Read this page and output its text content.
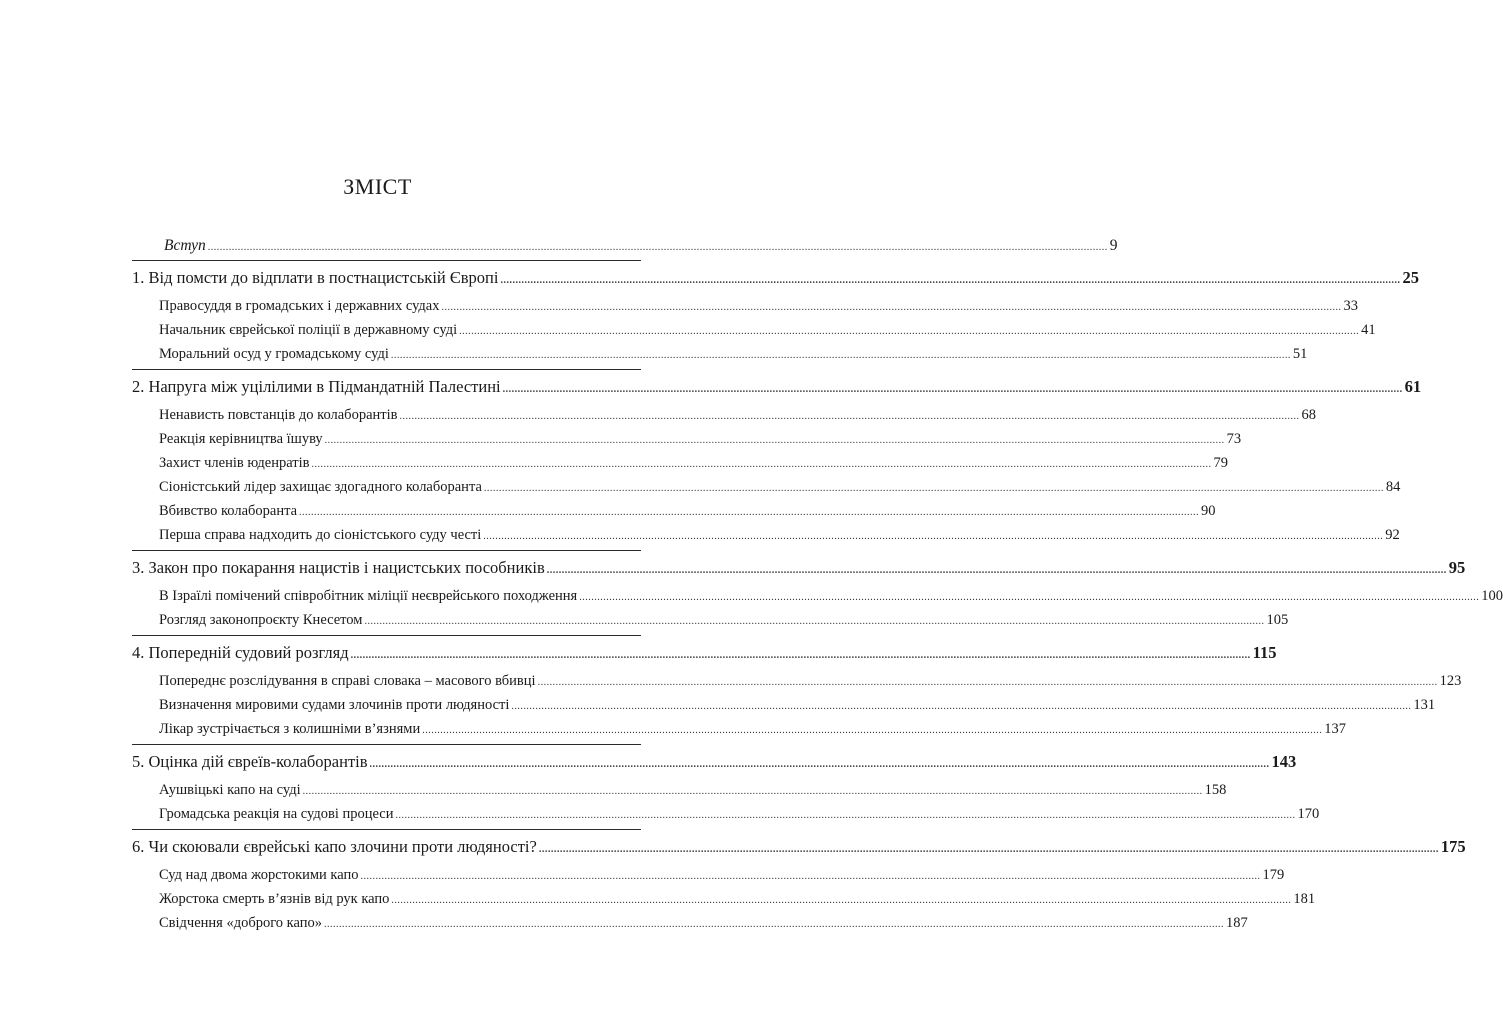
ЗМІСТ
Вступ ............................................................................................................................................................................................................................................................................................................ 9
1. Від помсти до відплати в постнацистській Європі ............................................................................................................................................................................................................................................................................................................ 25
Правосуддя в громадських і державних судах ............................................................................................................................................................................................................................................................................................................ 33
Начальник єврейської поліції в державному суді ............................................................................................................................................................................................................................................................................................................ 41
Моральний осуд у громадському суді ............................................................................................................................................................................................................................................................................................................ 51
2. Напруга між уцілілими в Підмандатній Палестині ............................................................................................................................................................................................................................................................................................................ 61
Ненависть повстанців до колаборантів ............................................................................................................................................................................................................................................................................................................ 68
Реакція керівництва їшуву ............................................................................................................................................................................................................................................................................................................ 73
Захист членів юденратів ............................................................................................................................................................................................................................................................................................................ 79
Сіоністський лідер захищає здогадного колаборанта ............................................................................................................................................................................................................................................................................................................ 84
Вбивство колаборанта ............................................................................................................................................................................................................................................................................................................ 90
Перша справа надходить до сіоністського суду честі ............................................................................................................................................................................................................................................................................................................ 92
3. Закон про покарання нацистів і нацистських пособників ............................................................................................................................................................................................................................................................................................................ 95
В Ізраїлі помічений співробітник міліції неєврейського походження ............................................................................................................................................................................................................................................................................................................ 100
Розгляд законопроєкту Кнесетом ............................................................................................................................................................................................................................................................................................................ 105
4. Попередній судовий розгляд ............................................................................................................................................................................................................................................................................................................ 115
Попереднє розслідування в справі словака – масового вбивці ............................................................................................................................................................................................................................................................................................................ 123
Визначення мировими судами злочинів проти людяності ............................................................................................................................................................................................................................................................................................................ 131
Лікар зустрічається з колишніми в’язнями ............................................................................................................................................................................................................................................................................................................ 137
5. Оцінка дій євреїв-колаборантів ............................................................................................................................................................................................................................................................................................................ 143
Аушвіцькі капо на суді ............................................................................................................................................................................................................................................................................................................ 158
Громадська реакція на судові процеси ............................................................................................................................................................................................................................................................................................................ 170
6. Чи скоювали єврейські капо злочини проти людяності? ............................................................................................................................................................................................................................................................................................................ 175
Суд над двома жорстокими капо ............................................................................................................................................................................................................................................................................................................ 179
Жорстока смерть в’язнів від рук капо ............................................................................................................................................................................................................................................................................................................ 181
Свідчення «доброго капо» ............................................................................................................................................................................................................................................................................................................ 187
